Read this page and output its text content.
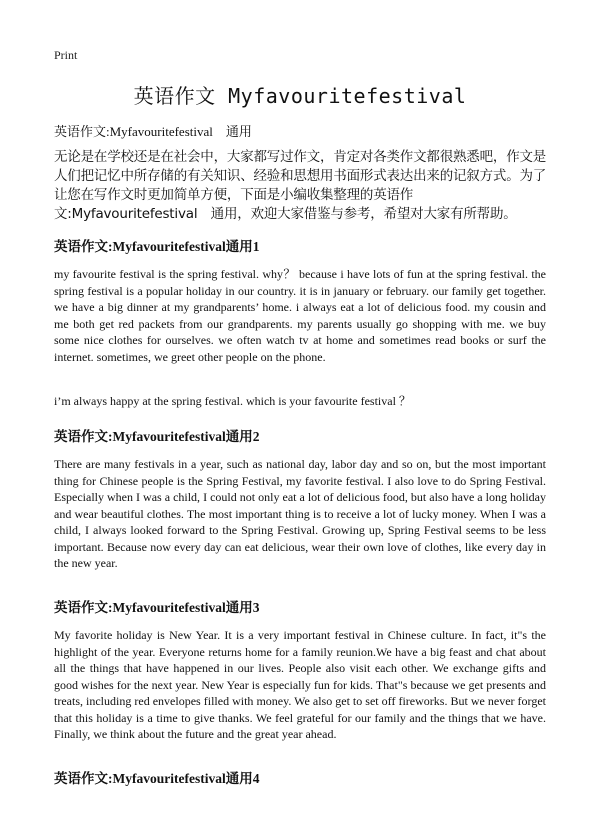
Print
英语作文 Myfavouritefestival
英语作文:Myfavouritefestival　通用

无论是在学校还是在社会中，大家都写过作文，肯定对各类作文都很熟悉吧，作文是人们把记忆中所存储的有关知识、经验和思想用书面形式表达出来的记叙方式。为了让您在写作文时更加简单方便，下面是小编收集整理的英语作文:Myfavouritefestival　通用，欢迎大家借鉴与参考，希望对大家有所帮助。

英语作文:Myfavouritefestival通用1

my favourite festival is the spring festival. why？ because i have lots of fun at the spring festival. the spring festival is a popular holiday in our country. it is in january or february. our family get together. we have a big dinner at my grandparents’ home. i always eat a lot of delicious food. my cousin and me both get red packets from our grandparents. my parents usually go shopping with me. we buy some nice clothes for ourselves. we often watch tv at home and sometimes read books or surf the internet. sometimes, we greet other people on the phone.

i’m always happy at the spring festival. which is your favourite festival ？

英语作文:Myfavouritefestival通用2

There are many festivals in a year, such as national day, labor day and so on, but the most important thing for Chinese people is the Spring Festival, my favorite festival. I also love to do Spring Festival. Especially when I was a child, I could not only eat a lot of delicious food, but also have a long holiday and wear beautiful clothes. The most important thing is to receive a lot of lucky money. When I was a child, I always looked forward to the Spring Festival. Growing up, Spring Festival seems to be less important. Because now every day can eat delicious, wear their own love of clothes, like every day in the new year.

英语作文:Myfavouritefestival通用3

My favorite holiday is New Year. It is a very important festival in Chinese culture. In fact, it"s the highlight of the year. Everyone returns home for a family reunion.We have a big feast and chat about all the things that have happened in our lives. People also visit each other. We exchange gifts and good wishes for the next year. New Year is especially fun for kids. That"s because we get presents and treats, including red envelopes filled with money. We also get to set off fireworks. But we never forget that this holiday is a time to give thanks. We feel grateful for our family and the things that we have. Finally, we think about the future and the great year ahead.

英语作文:Myfavouritefestival通用4
